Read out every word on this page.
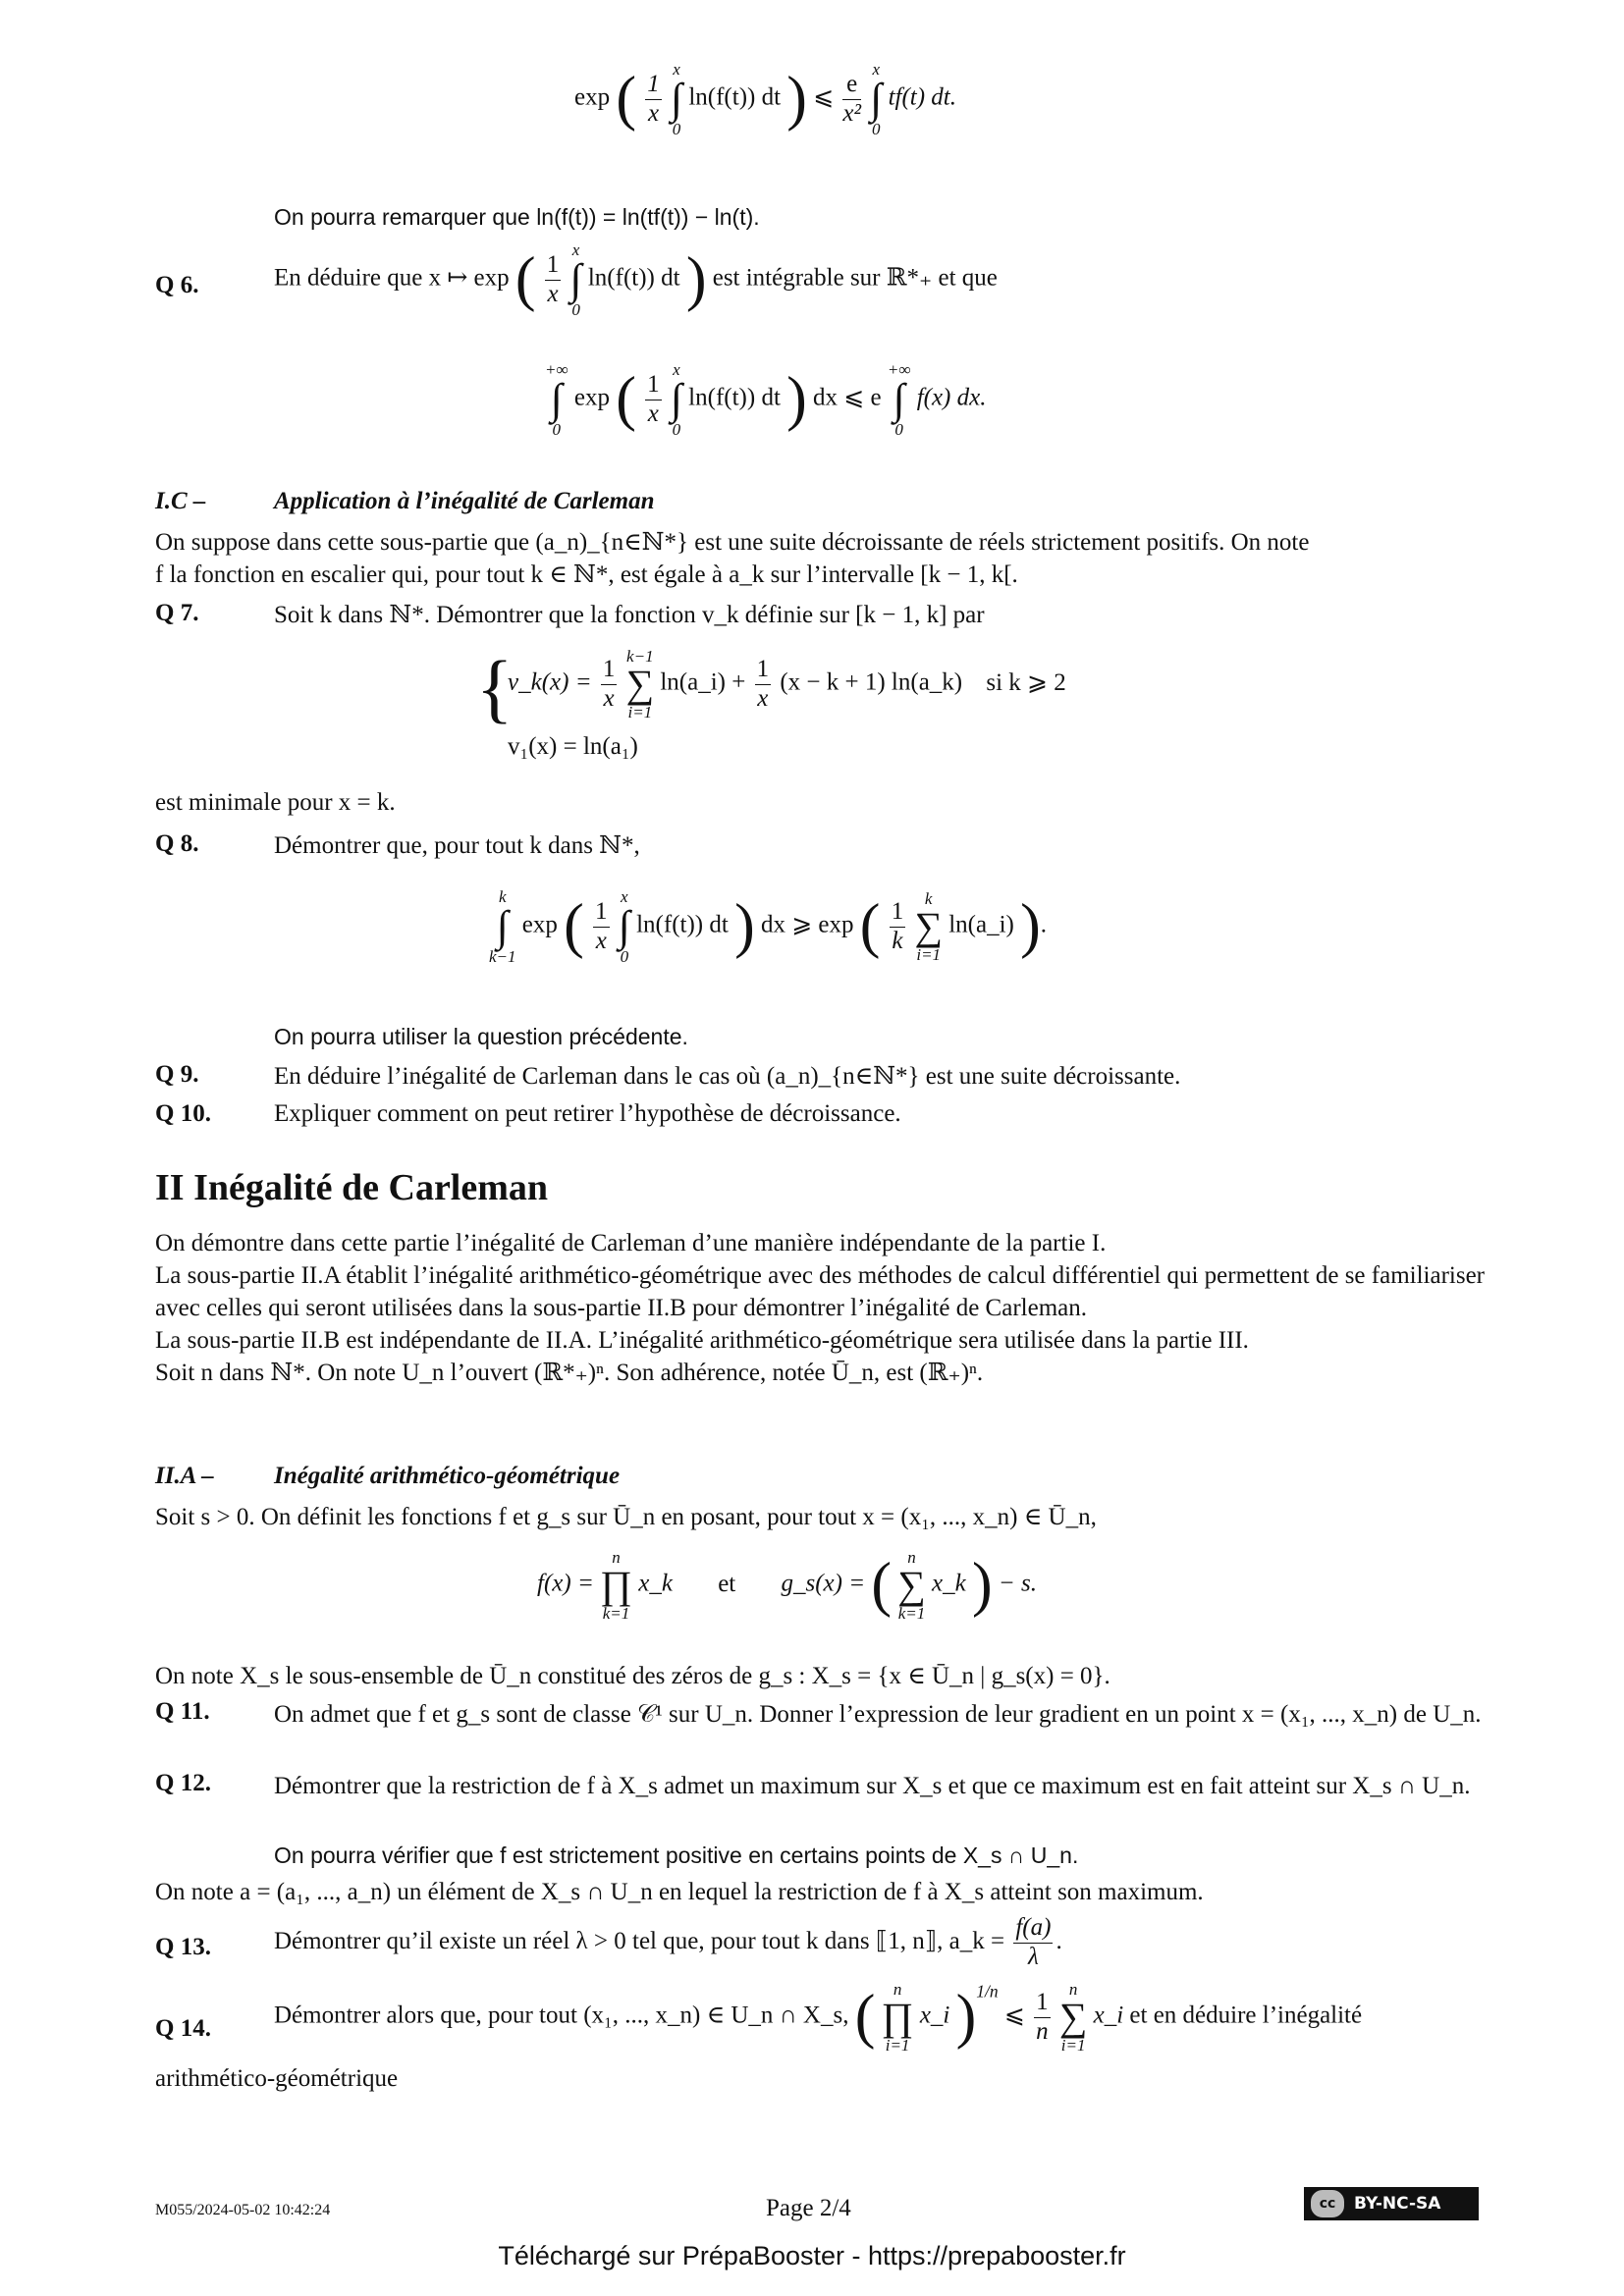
exp ( $\frac{1}{x}$

x
∫
0
ln(f(t)) dt ) ⩽ $\frac{e}{\text{x²}}$

x
∫
0
tf(t) dt.
On pourra remarquer que ln(f(t)) = ln(tf(t)) − ln(t).
Q 6.	En déduire que x ↦ exp ( $\frac{1}{x}$

x
∫
0
ln(f(t)) dt ) est intégrable sur ℝ*₊ et que
+∞
∫
0
exp ( $\frac{1}{x}$

x
∫
0
ln(f(t)) dt ) dx ⩽ e
+∞
∫
0
f(x) dx.
I.C –	Application à l’inégalité de Carleman
On suppose dans cette sous-partie que (a_n)_{n∈ℕ*} est une suite décroissante de réels strictement positifs. On note
f la fonction en escalier qui, pour tout k ∈ ℕ*, est égale à a_k sur l’intervalle [k − 1, k[.
Q 7.	Soit k dans ℕ*. Démontrer que la fonction v_k définie sur [k − 1, k] par
{
v_k(x) = $\frac{1}{x}$
k−1
∑
i=1
ln(a_i) + $\frac{1}{x} (x - k + 1)$ ln(a_k) si k ⩾ 2
v₁(x) = ln(a₁)
est minimale pour x = k.
Q 8.	Démontrer que, pour tout k dans ℕ*,
k
∫
k−1
exp ( $\frac{1}{x}$

x
∫
0
ln(f(t)) dt ) dx ⩾ exp ( $\frac{1}{k}$
	k
∑
i=1
ln(a_i) ).
On pourra utiliser la question précédente.
Q 9.	En déduire l’inégalité de Carleman dans le cas où (a_n)_{n∈ℕ*} est une suite décroissante.
Q 10.	Expliquer comment on peut retirer l’hypothèse de décroissance.
II Inégalité de Carleman
On démontre dans cette partie l’inégalité de Carleman d’une manière indépendante de la partie I.
La sous-partie II.A établit l’inégalité arithmético-géométrique avec des méthodes de calcul différentiel qui permettent de se familiariser avec celles qui seront utilisées dans la sous-partie II.B pour démontrer l’inégalité de Carleman.
La sous-partie II.B est indépendante de II.A. L’inégalité arithmético-géométrique sera utilisée dans la partie III.
Soit n dans ℕ*. On note U_n l’ouvert (ℝ*₊)ⁿ. Son adhérence, notée Ū_n, est (ℝ₊)ⁿ.
II.A – Inégalité arithmético-géométrique
Soit s > 0. On définit les fonctions f et g_s sur Ū_n en posant, pour tout x = (x₁, ..., x_n) ∈ Ū_n,
f(x) =
n
∏
k=1
x_k et g_s(x) = ( n
∑
k=1
x_k ) − s.
On note X_s le sous-ensemble de Ū_n constitué des zéros de g_s : X_s = {x ∈ Ū_n | g_s(x) = 0}.
Q 11.	On admet que f et g_s sont de classe 𝒞¹ sur U_n. Donner l’expression de leur gradient en un point x = (x₁, ..., x_n) de U_n.
Q 12.	Démontrer que la restriction de f à X_s admet un maximum sur X_s et que ce maximum est en fait atteint sur X_s ∩ U_n.
On pourra vérifier que f est strictement positive en certains points de X_s ∩ U_n.
On note a = (a₁, ..., a_n) un élément de X_s ∩ U_n en lequel la restriction de f à X_s atteint son maximum.
Q 13.	Démontrer qu’il existe un réel λ > 0 tel que, pour tout k dans ⟦1, n⟧, a_k = $\frac{f(a)}{\lambda}$ .
Q 14.	Démontrer alors que, pour tout (x₁, ..., x_n) ∈ U_n ∩ X_s, (	n
∏
i=1
x_i )$^{1/n}$ ⩽ $\frac{1}{n}$
	n
∑
i=1
x_i et en déduire l’inégalité
arithmético-géométrique
M055/2024-05-02 10:42:24	Page 2/4	cc	BY-NC-SA
Téléchargé sur PrépaBooster - https://prepabooster.fr
